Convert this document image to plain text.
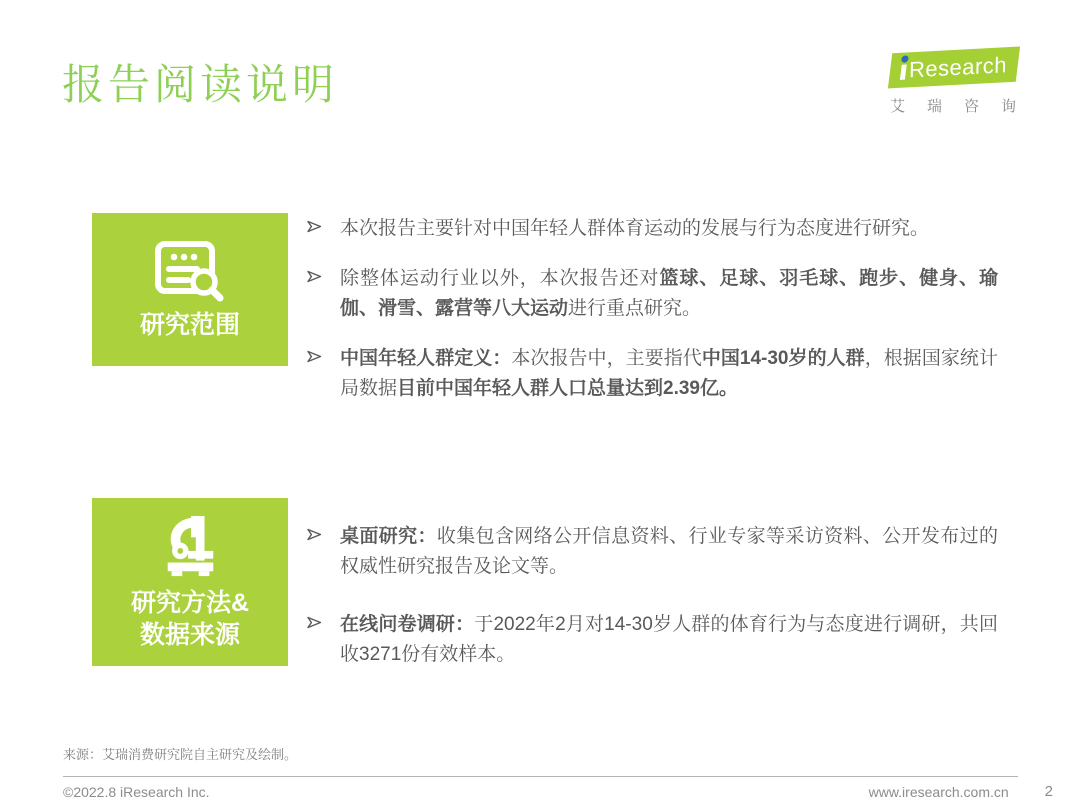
报告阅读说明	Research
艾瑞咨询
研究范围

本次报告主要针对中国年轻人群体育运动的发展与行为态度进行研究。

除整体运动行业以外，本次报告还对篮球、足球、羽毛球、跑步、健身、瑜伽、滑雪、露营等八大运动进行重点研究。

中国年轻人群定义：本次报告中，主要指代中国14-30岁的人群，根据国家统计局数据目前中国年轻人群人口总量达到2.39亿。

研究方法&
数据来源

桌面研究：收集包含网络公开信息资料、行业专家等采访资料、公开发布过的权威性研究报告及论文等。

在线问卷调研：于2022年2月对14-30岁人群的体育行为与态度进行调研，共回收3271份有效样本。

来源：艾瑞消费研究院自主研究及绘制。
©2022.8 iResearch Inc.	www.iresearch.com.cn 2
